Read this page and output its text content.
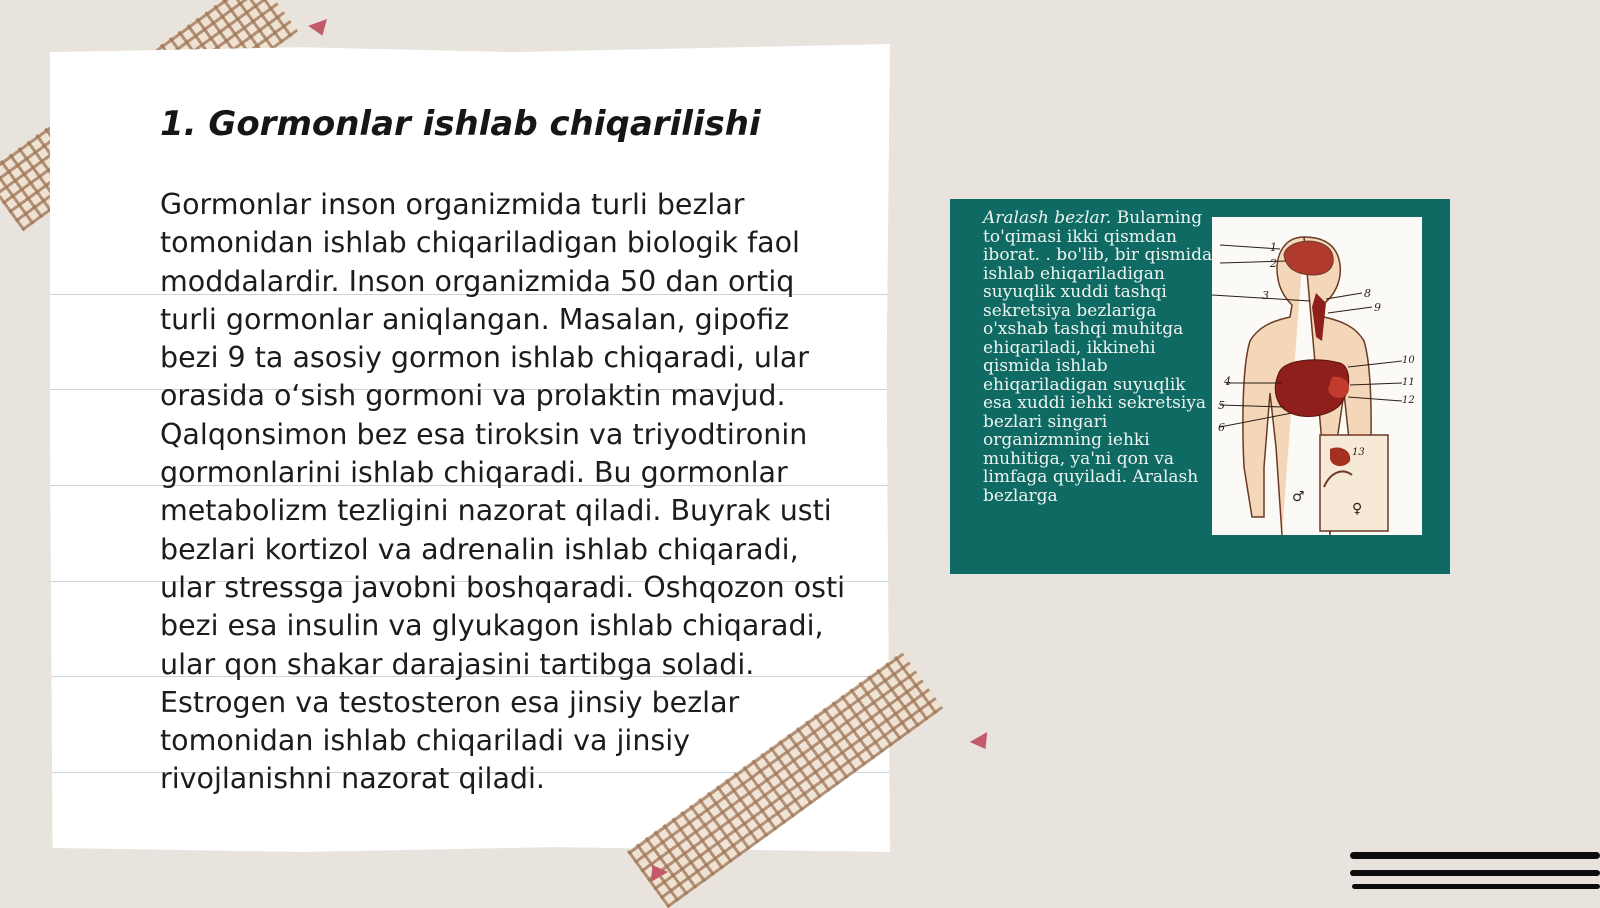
1. Gormonlar ishlab chiqarilishi

Gormonlar inson organizmida turli bezlar tomonidan ishlab chiqariladigan biologik faol moddalardir. Inson organizmida 50 dan ortiq turli gormonlar aniqlangan. Masalan, gipofiz bezi 9 ta asosiy gormon ishlab chiqaradi, ular orasida o‘sish gormoni va prolaktin mavjud. Qalqonsimon bez esa tiroksin va triyodtironin gormonlarini ishlab chiqaradi. Bu gormonlar metabolizm tezligini nazorat qiladi. Buyrak usti bezlari kortizol va adrenalin ishlab chiqaradi, ular stressga javobni boshqaradi. Oshqozon osti bezi esa insulin va glyukagon ishlab chiqaradi, ular qon shakar darajasini tartibga soladi. Estrogen va testosteron esa jinsiy bezlar tomonidan ishlab chiqariladi va jinsiy rivojlanishni nazorat qiladi.

Aralash bezlar. Bularning to'qimasi ikki qismdan iborat. . bo'lib, bir qismida ishlab ehiqariladigan suyuqlik xuddi tashqi sekretsiya bezlariga o'xshab tashqi muhitga ehiqariladi, ikkinehi qismida ishlab ehiqariladigan suyuqlik esa xuddi iehki sekretsiya bezlari singari organizmning iehki muhitiga, ya'ni qon va limfaga quyiladi. Aralash bezlarga

1
2
3
4
5
6
8
9
10
11
12
13
♂
♀
